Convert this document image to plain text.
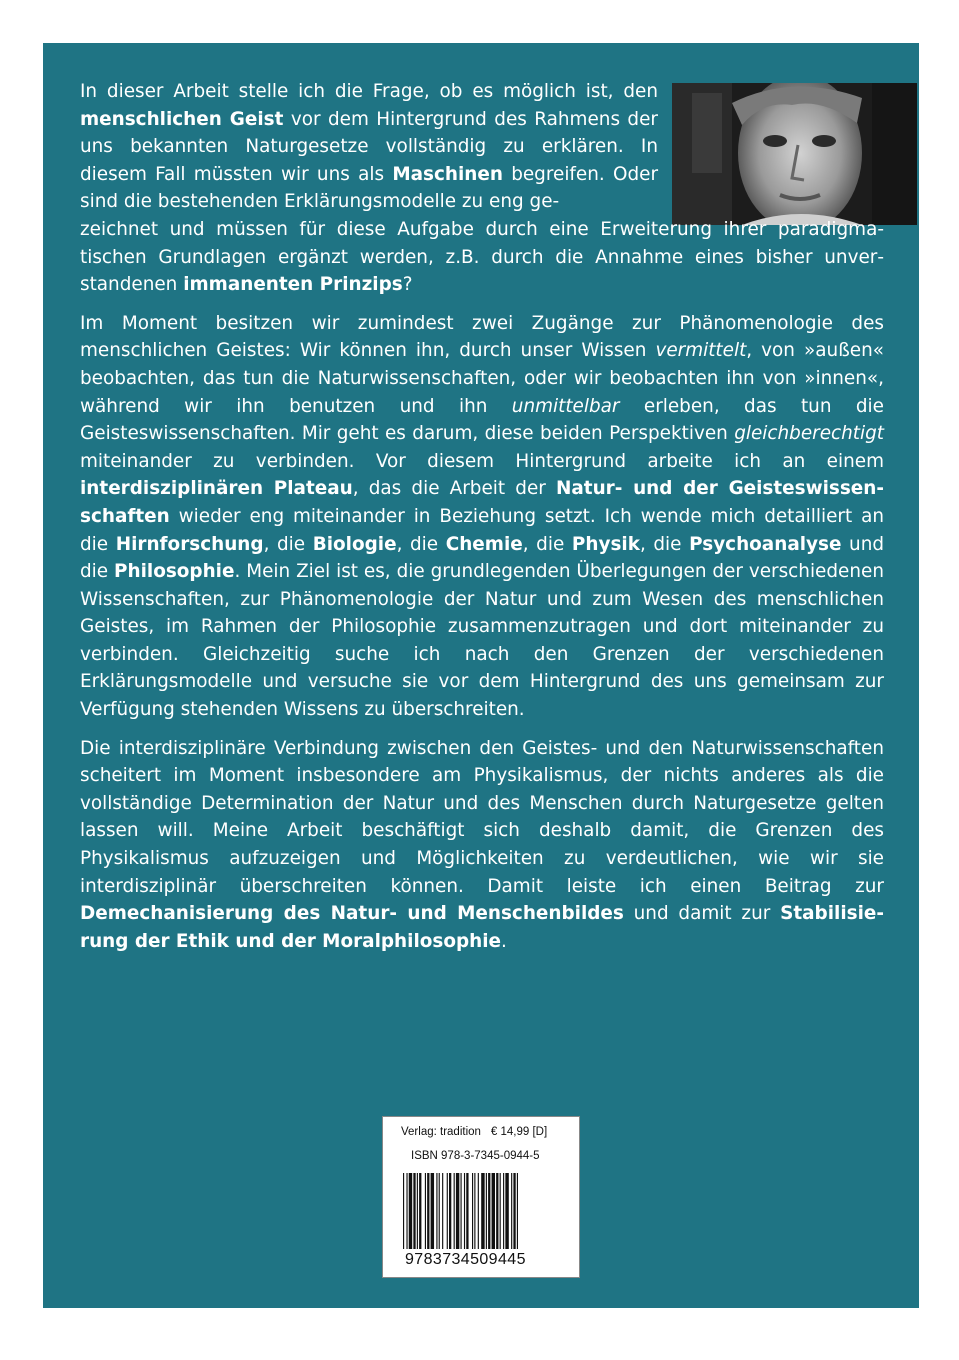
In dieser Arbeit stelle ich die Frage, ob es möglich ist, den menschlichen Geist vor dem Hintergrund des Rahmens der uns bekannten Naturgesetze vollständig zu erklären. In diesem Fall müssten wir uns als Maschinen begreifen. Oder sind die bestehenden Erklärungsmodelle zu eng ge-
zeichnet und müssen für diese Aufgabe durch eine Erweiterung ihrer paradigmatischen Grundlagen ergänzt werden, z.B. durch die Annahme eines bisher unverstandenen immanenten Prinzips?

Im Moment besitzen wir zumindest zwei Zugänge zur Phänomenologie des menschlichen Geistes: Wir können ihn, durch unser Wissen vermittelt, von »außen« beobachten, das tun die Naturwissenschaften, oder wir beobachten ihn von »innen«, während wir ihn benutzen und ihn unmittelbar erleben, das tun die Geisteswissenschaften. Mir geht es darum, diese beiden Perspektiven gleichberechtigt miteinander zu verbinden. Vor diesem Hintergrund arbeite ich an einem interdisziplinären Plateau, das die Arbeit der Natur- und der Geisteswissenschaften wieder eng miteinander in Beziehung setzt. Ich wende mich detailliert an die Hirnforschung, die Biologie, die Chemie, die Physik, die Psychoanalyse und die Philosophie. Mein Ziel ist es, die grundlegenden Überlegungen der verschiedenen Wissenschaften, zur Phänomenologie der Natur und zum Wesen des menschlichen Geistes, im Rahmen der Philosophie zusammenzutragen und dort miteinander zu verbinden. Gleichzeitig suche ich nach den Grenzen der verschiedenen Erklärungsmodelle und versuche sie vor dem Hintergrund des uns gemeinsam zur Verfügung stehenden Wissens zu überschreiten.

Die interdisziplinäre Verbindung zwischen den Geistes- und den Naturwissenschaften scheitert im Moment insbesondere am Physikalismus, der nichts anderes als die vollständige Determination der Natur und des Menschen durch Naturgesetze gelten lassen will. Meine Arbeit beschäftigt sich deshalb damit, die Grenzen des Physikalismus aufzuzeigen und Möglichkeiten zu verdeutlichen, wie wir sie interdisziplinär überschreiten können. Damit leiste ich einen Beitrag zur Demechanisierung des Natur- und Menschenbildes und damit zur Stabilisierung der Ethik und der Moralphilosophie.

Verlag: tradition € 14,99 [D]
ISBN 978-3-7345-0944-5
9783734509445
